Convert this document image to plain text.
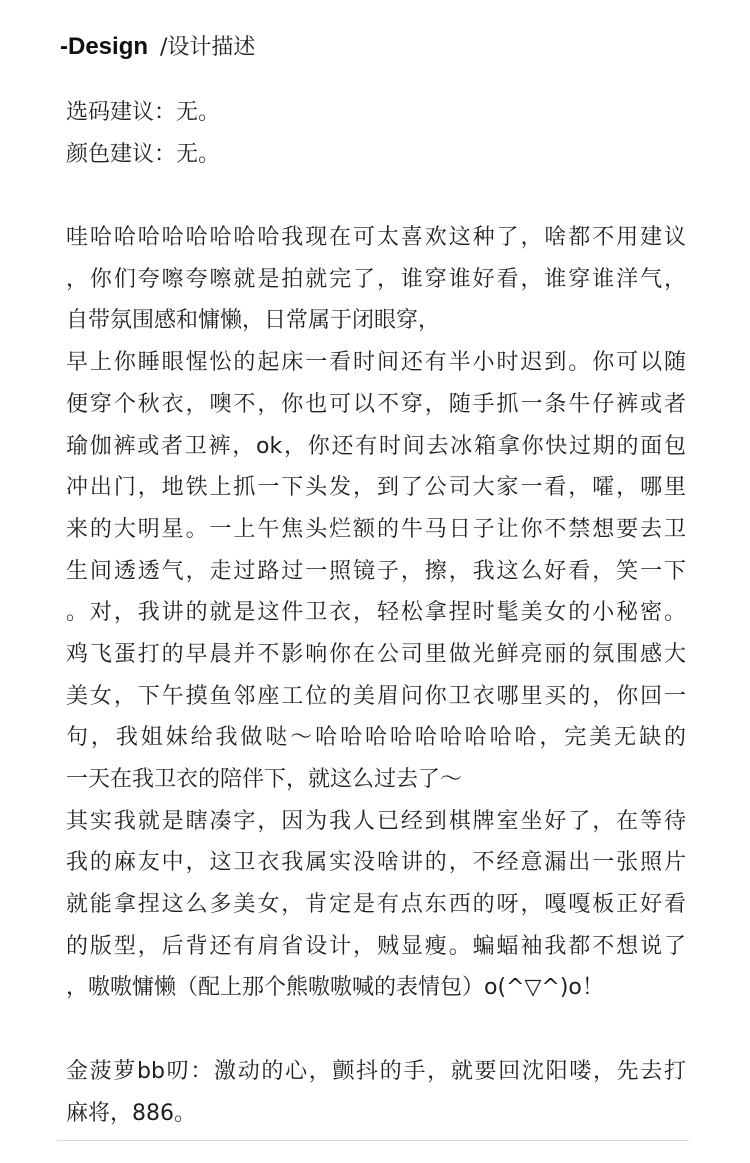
-Design /设计描述
选码建议：无。
颜色建议：无。
哇哈哈哈哈哈哈哈哈我现在可太喜欢这种了，啥都不用建议
，你们夸嚓夸嚓就是拍就完了，谁穿谁好看，谁穿谁洋气，
自带氛围感和慵懒，日常属于闭眼穿，
早上你睡眼惺忪的起床一看时间还有半小时迟到。你可以随
便穿个秋衣，噢不，你也可以不穿，随手抓一条牛仔裤或者
瑜伽裤或者卫裤，ok，你还有时间去冰箱拿你快过期的面包
冲出门，地铁上抓一下头发，到了公司大家一看，嚯，哪里
来的大明星。一上午焦头烂额的牛马日子让你不禁想要去卫
生间透透气，走过路过一照镜子，擦，我这么好看，笑一下
。对，我讲的就是这件卫衣，轻松拿捏时髦美女的小秘密。
鸡飞蛋打的早晨并不影响你在公司里做光鲜亮丽的氛围感大
美女，下午摸鱼邻座工位的美眉问你卫衣哪里买的，你回一
句，我姐妹给我做哒～哈哈哈哈哈哈哈哈哈，完美无缺的
一天在我卫衣的陪伴下，就这么过去了～
其实我就是瞎凑字，因为我人已经到棋牌室坐好了，在等待
我的麻友中，这卫衣我属实没啥讲的，不经意漏出一张照片
就能拿捏这么多美女，肯定是有点东西的呀，嘎嘎板正好看
的版型，后背还有肩省设计，贼显瘦。蝙蝠袖我都不想说了
，嗷嗷慵懒（配上那个熊嗷嗷喊的表情包）o(^▽^)o！
金菠萝bb叨：激动的心，颤抖的手，就要回沈阳喽，先去打
麻将，886。
